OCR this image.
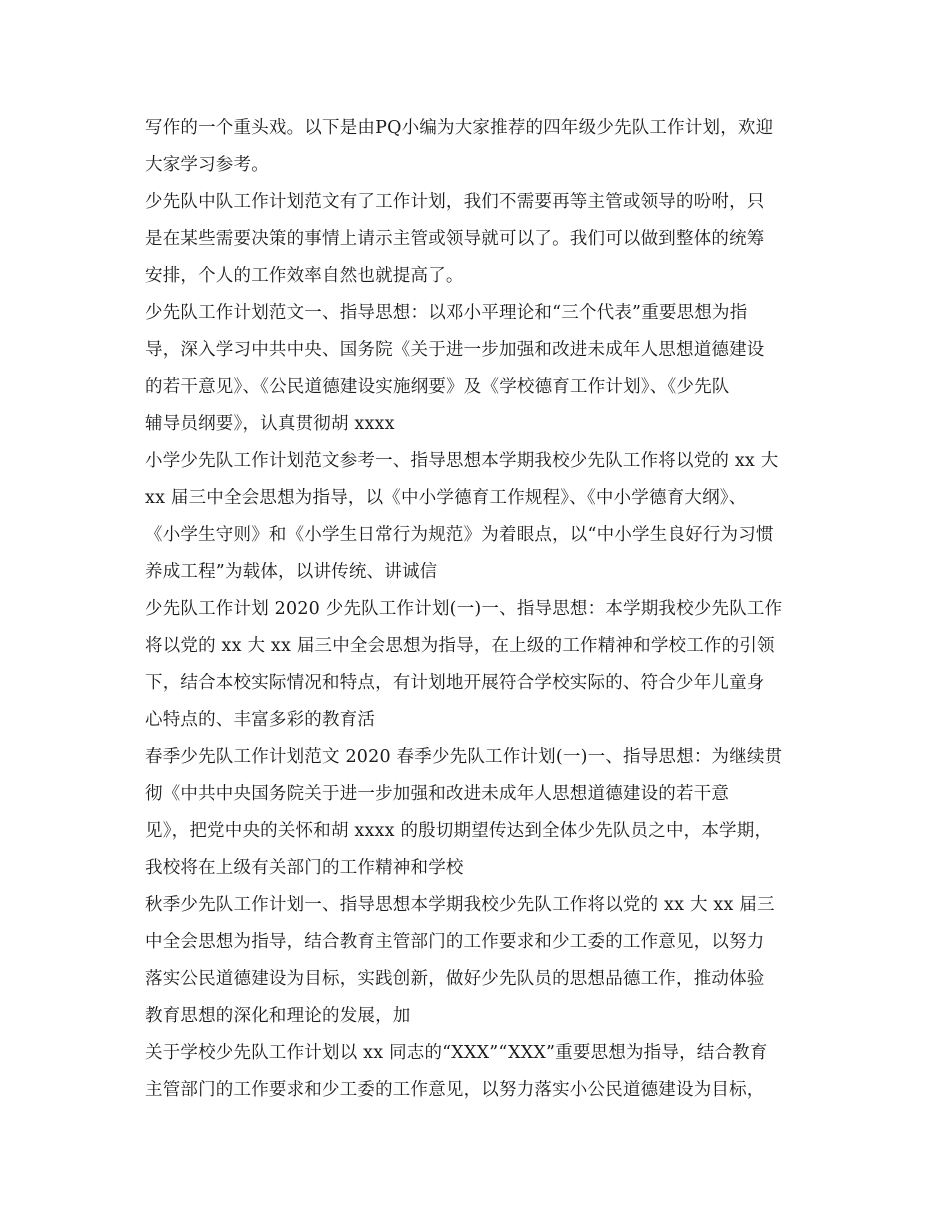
写作的一个重头戏。以下是由PQ小编为大家推荐的四年级少先队工作计划，欢迎
大家学习参考。
少先队中队工作计划范文有了工作计划，我们不需要再等主管或领导的吩咐，只
是在某些需要决策的事情上请示主管或领导就可以了。我们可以做到整体的统筹
安排，个人的工作效率自然也就提高了。
少先队工作计划范文一、指导思想：以邓小平理论和“三个代表”重要思想为指
导，深入学习中共中央、国务院《关于进一步加强和改进未成年人思想道德建设
的若干意见》、《公民道德建设实施纲要》及《学校德育工作计划》、《少先队
辅导员纲要》，认真贯彻胡 xxxx
小学少先队工作计划范文参考一、指导思想本学期我校少先队工作将以党的 xx 大
xx 届三中全会思想为指导，以《中小学德育工作规程》、《中小学德育大纲》、
《小学生守则》和《小学生日常行为规范》为着眼点，以“中小学生良好行为习惯
养成工程”为载体，以讲传统、讲诚信
少先队工作计划 2020 少先队工作计划(一)一、指导思想：本学期我校少先队工作
将以党的 xx 大 xx 届三中全会思想为指导，在上级的工作精神和学校工作的引领
下，结合本校实际情况和特点，有计划地开展符合学校实际的、符合少年儿童身
心特点的、丰富多彩的教育活
春季少先队工作计划范文 2020 春季少先队工作计划(一)一、指导思想：为继续贯
彻《中共中央国务院关于进一步加强和改进未成年人思想道德建设的若干意
见》，把党中央的关怀和胡 xxxx 的殷切期望传达到全体少先队员之中，本学期，
我校将在上级有关部门的工作精神和学校
秋季少先队工作计划一、指导思想本学期我校少先队工作将以党的 xx 大 xx 届三
中全会思想为指导，结合教育主管部门的工作要求和少工委的工作意见，以努力
落实公民道德建设为目标，实践创新，做好少先队员的思想品德工作，推动体验
教育思想的深化和理论的发展，加
关于学校少先队工作计划以 xx 同志的“XXX”“XXX”重要思想为指导，结合教育
主管部门的工作要求和少工委的工作意见，以努力落实小公民道德建设为目标，
